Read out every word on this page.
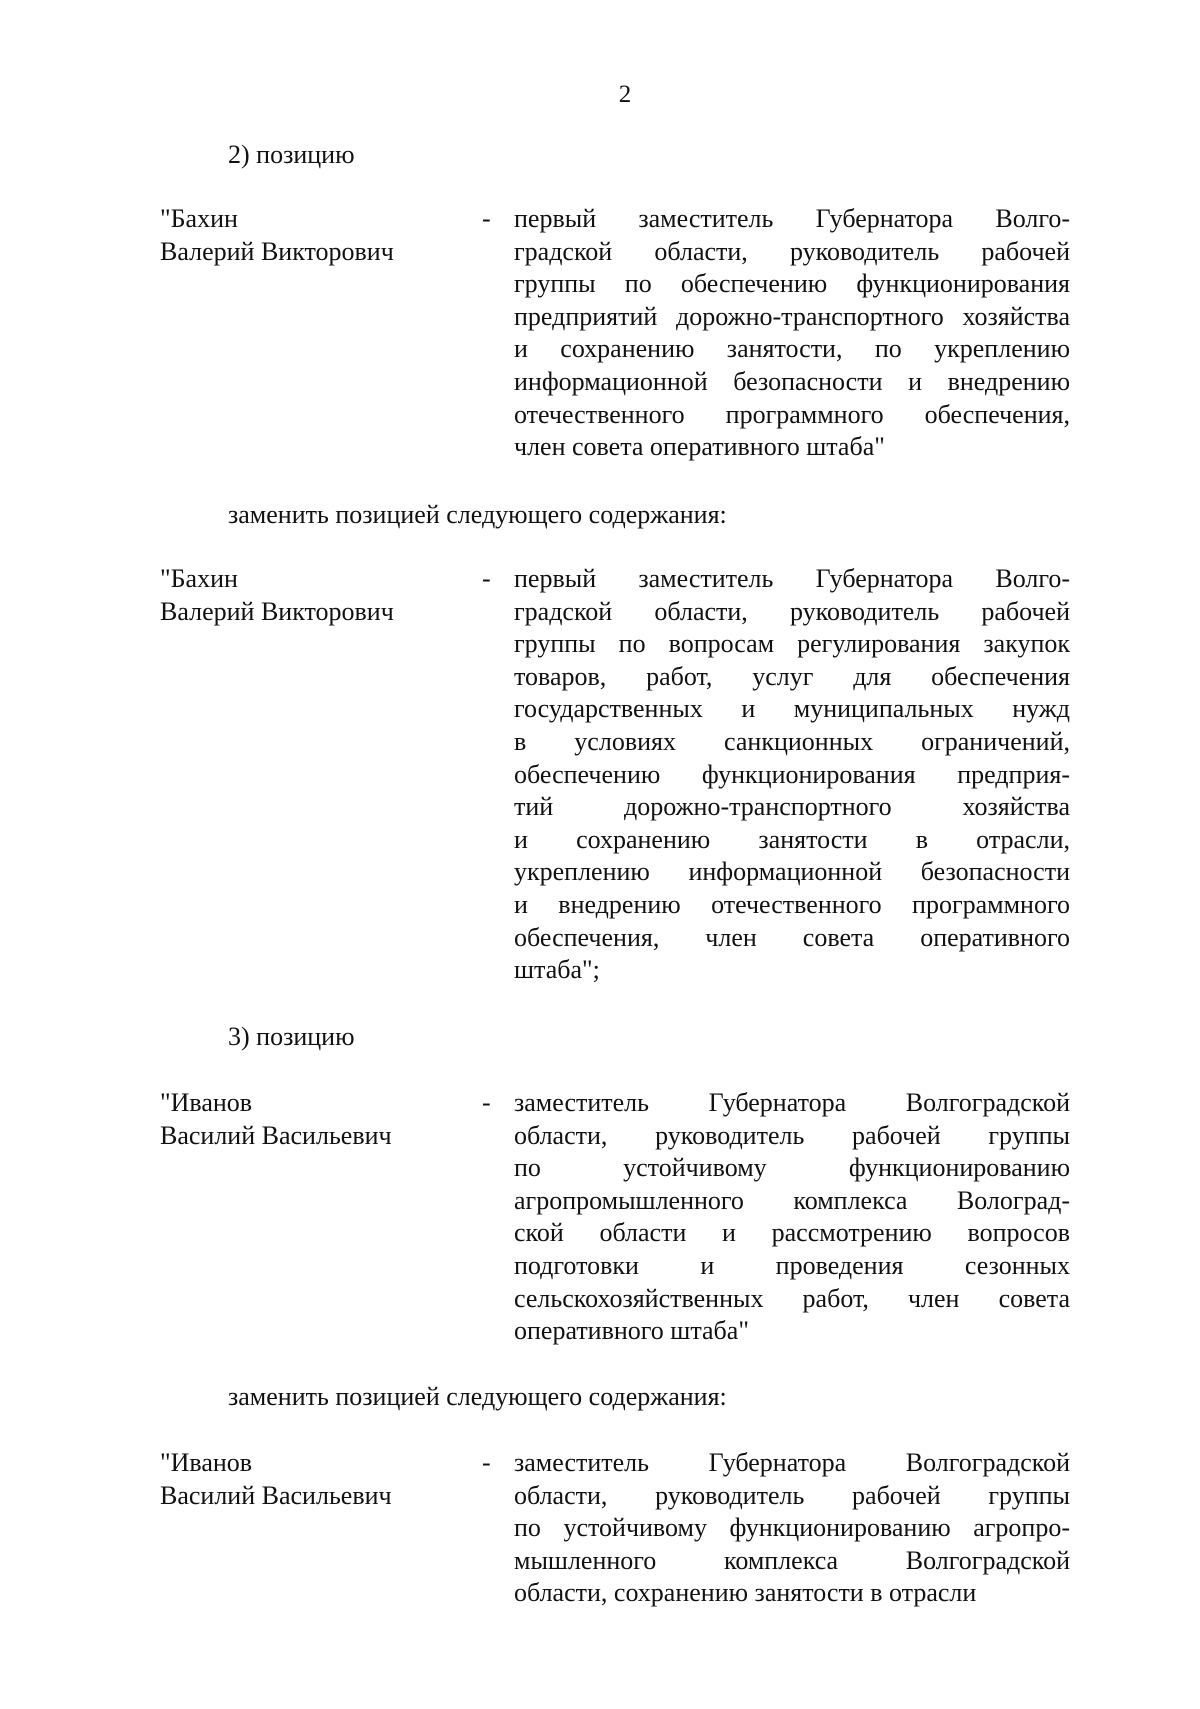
2
2) позицию
"Бахин
Валерий Викторович
- первый заместитель Губернатора Волго-
градской области, руководитель рабочей
группы по обеспечению функционирования
предприятий дорожно-транспортного хозяйства
и сохранению занятости, по укреплению
информационной безопасности и внедрению
отечественного программного обеспечения,
член совета оперативного штаба"
заменить позицией следующего содержания:
"Бахин
Валерий Викторович
- первый заместитель Губернатора Волго-
градской области, руководитель рабочей
группы по вопросам регулирования закупок
товаров, работ, услуг для обеспечения
государственных и муниципальных нужд
в условиях санкционных ограничений,
обеспечению функционирования предприя-
тий дорожно-транспортного хозяйства
и сохранению занятости в отрасли,
укреплению информационной безопасности
и внедрению отечественного программного
обеспечения, член совета оперативного
штаба";
3) позицию
"Иванов
Василий Васильевич
- заместитель Губернатора Волгоградской
области, руководитель рабочей группы
по устойчивому функционированию
агропромышленного комплекса Волоград-
ской области и рассмотрению вопросов
подготовки и проведения сезонных
сельскохозяйственных работ, член совета
оперативного штаба"
заменить позицией следующего содержания:
"Иванов
Василий Васильевич
- заместитель Губернатора Волгоградской
области, руководитель рабочей группы
по устойчивому функционированию агропро-
мышленного комплекса Волгоградской
области, сохранению занятости в отрасли
